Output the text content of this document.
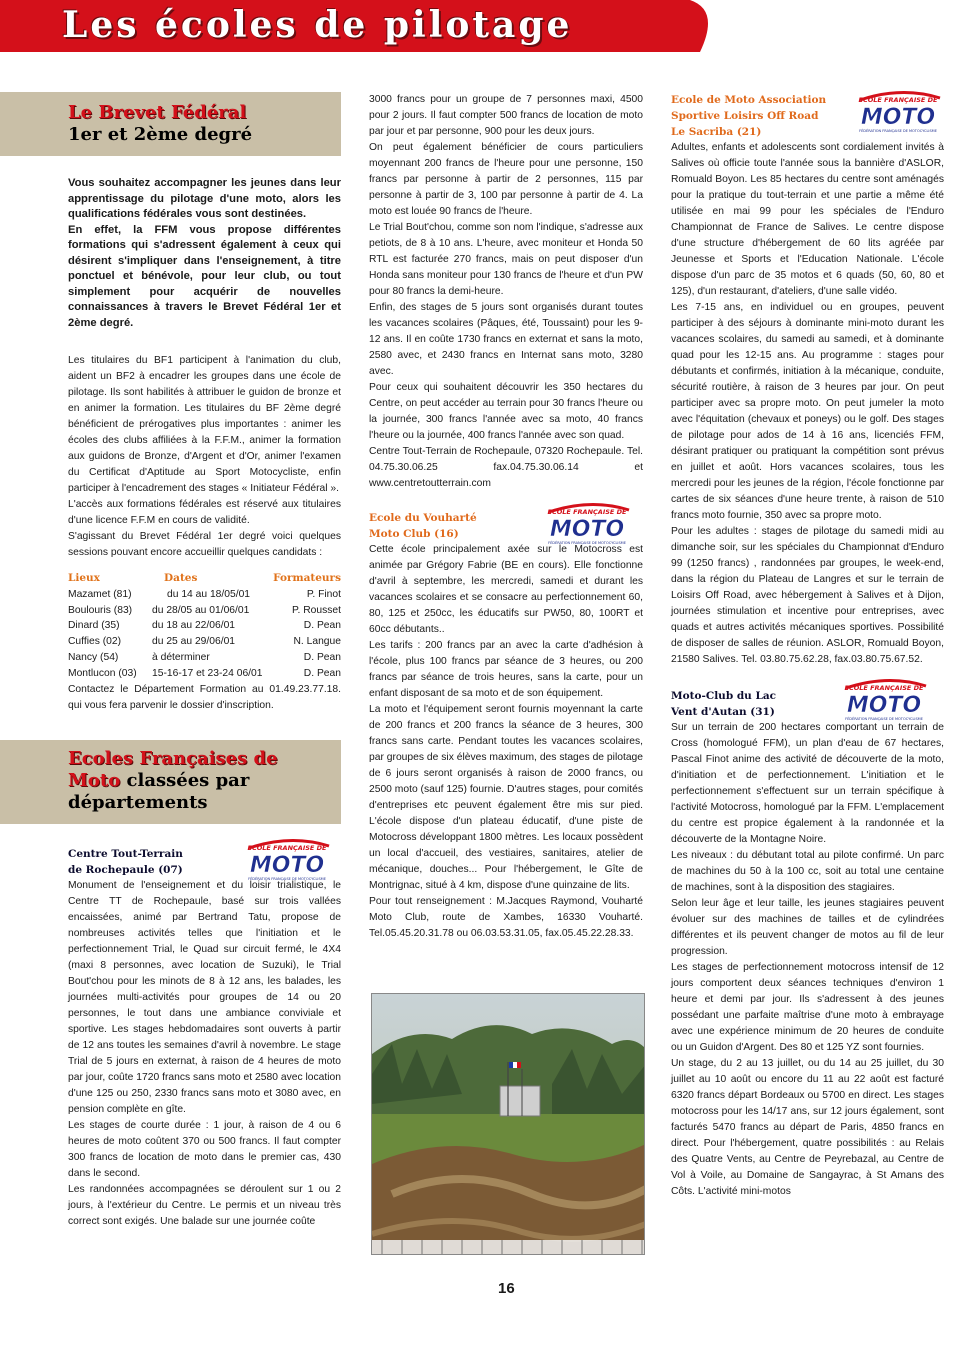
Les écoles de pilotage
Le Brevet Fédéral
1er et 2ème degré

Vous souhaitez accompagner les jeunes dans leur apprentissage du pilotage d'une moto, alors les qualifications fédérales vous sont destinées.

En effet, la FFM vous propose différentes formations qui s'adressent également à ceux qui désirent s'impliquer dans l'enseignement, à titre ponctuel et bénévole, pour leur club, ou tout simplement pour acquérir de nouvelles connaissances à travers le Brevet Fédéral 1er et 2ème degré.

Les titulaires du BF1 participent à l'animation du club, aident un BF2 à encadrer les groupes dans une école de pilotage. Ils sont habilités à attribuer le guidon de bronze et en animer la formation. Les titulaires du BF 2ème degré bénéficient de prérogatives plus importantes : animer les écoles des clubs affiliées à la F.F.M., animer la formation aux guidons de Bronze, d'Argent et d'Or, animer l'examen du Certificat d'Aptitude au Sport Motocycliste, enfin participer à l'encadrement des stages « Initiateur Fédéral ».

L'accès aux formations fédérales est réservé aux titulaires d'une licence F.F.M en cours de validité.

S'agissant du Brevet Fédéral 1er degré voici quelques sessions pouvant encore accueillir quelques candidats :

Lieux	Dates	Formateurs
Mazamet (81)	du 14 au 18/05/01	P. Finot
Boulouris (83)	du 28/05 au 01/06/01	P. Rousset
Dinard (35)	du 18 au 22/06/01	D. Pean
Cuffies (02)	du 25 au 29/06/01	N. Langue
Nancy (54)	à déterminer	D. Pean
Montlucon (03)	15-16-17 et 23-24 06/01	D. Pean

Contactez le Département Formation au 01.49.23.77.18. qui vous fera parvenir le dossier d'inscription.

Ecoles Françaises de
Moto classées par
départements
ECOLE FRANÇAISE DE
MOTO
FÉDÉRATION FRANÇAISE DE MOTOCYCLISME
Centre Tout-Terrain
de Rochepaule (07)

Monument de l'enseignement et du loisir trialistique, le Centre TT de Rochepaule, basé sur trois vallées encaissées, animé par Bertrand Tatu, propose de nombreuses activités telles que l'initiation et le perfectionnement Trial, le Quad sur circuit fermé, le 4X4 (maxi 8 personnes, avec location de Suzuki), le Trial Bout'chou pour les minots de 8 à 12 ans, les balades, les journées multi-activités pour groupes de 14 ou 20 personnes, le tout dans une ambiance conviviale et sportive. Les stages hebdomadaires sont ouverts à partir de 12 ans toutes les semaines d'avril à novembre. Le stage Trial de 5 jours en externat, à raison de 4 heures de moto par jour, coûte 1720 francs sans moto et 2580 avec location d'une 125 ou 250, 2330 francs sans moto et 3080 avec, en pension complète en gîte.

Les stages de courte durée : 1 jour, à raison de 4 ou 6 heures de moto coûtent 370 ou 500 francs. Il faut compter 300 francs de location de moto dans le premier cas, 430 dans le second.

Les randonnées accompagnées se déroulent sur 1 ou 2 jours, à l'extérieur du Centre. Le permis et un niveau très correct sont exigés. Une balade sur une journée coûte

3000 francs pour un groupe de 7 personnes maxi, 4500 pour 2 jours. Il faut compter 500 francs de location de moto par jour et par personne, 900 pour les deux jours.

On peut également bénéficier de cours particuliers moyennant 200 francs de l'heure pour une personne, 150 francs par personne à partir de 2 personnes, 115 par personne à partir de 3, 100 par personne à partir de 4. La moto est louée 90 francs de l'heure.

Le Trial Bout'chou, comme son nom l'indique, s'adresse aux petiots, de 8 à 10 ans. L'heure, avec moniteur et Honda 50 RTL est facturée 270 francs, mais on peut disposer d'un Honda sans moniteur pour 130 francs de l'heure et d'un PW pour 80 francs la demi-heure.

Enfin, des stages de 5 jours sont organisés durant toutes les vacances scolaires (Pâques, été, Toussaint) pour les 9-12 ans. Il en coûte 1730 francs en externat et sans la moto, 2580 avec, et 2430 francs en Internat sans moto, 3280 avec.

Pour ceux qui souhaitent découvrir les 350 hectares du Centre, on peut accéder au terrain pour 30 francs l'heure ou la journée, 300 francs l'année avec sa moto, 40 francs l'heure ou la journée, 400 francs l'année avec son quad.

Centre Tout-Terrain de Rochepaule, 07320 Rochepaule. Tel. 04.75.30.06.25 fax.04.75.30.06.14 et www.centretoutterrain.com

ECOLE FRANÇAISE DE
MOTO
FÉDÉRATION FRANÇAISE DE MOTOCYCLISME
Ecole du Vouharté
Moto Club (16)

Cette école principalement axée sur le Motocross est animée par Grégory Fabrie (BE en cours). Elle fonctionne d'avril à septembre, les mercredi, samedi et durant les vacances scolaires et se consacre au perfectionnement 60, 80, 125 et 250cc, les éducatifs sur PW50, 80, 100RT et 60cc débutants..

Les tarifs : 200 francs par an avec la carte d'adhésion à l'école, plus 100 francs par séance de 3 heures, ou 200 francs par séance de trois heures, sans la carte, pour un enfant disposant de sa moto et de son équipement.

La moto et l'équipement seront fournis moyennant la carte de 200 francs et 200 francs la séance de 3 heures, 300 francs sans carte. Pendant toutes les vacances scolaires, par groupes de six élèves maximum, des stages de pilotage de 6 jours seront organisés à raison de 2000 francs, ou 2500 moto (sauf 125) fournie. D'autres stages, pour comités d'entreprises etc peuvent également être mis sur pied. L'école dispose d'un plateau éducatif, d'une piste de Motocross développant 1800 mètres. Les locaux possèdent un local d'accueil, des vestiaires, sanitaires, atelier de mécanique, douches... Pour l'hébergement, le Gîte de Montrignac, situé à 4 km, dispose d'une quinzaine de lits.

Pour tout renseignement : M.Jacques Raymond, Vouharté Moto Club, route de Xambes, 16330 Vouharté. Tel.05.45.20.31.78 ou 06.03.53.31.05, fax.05.45.22.28.33.

ECOLE FRANÇAISE DE
MOTO
FÉDÉRATION FRANÇAISE DE MOTOCYCLISME
Ecole de Moto Association
Sportive Loisirs Off Road
Le Sacriba (21)

Adultes, enfants et adolescents sont cordialement invités à Salives où officie toute l'année sous la bannière d'ASLOR, Romuald Boyon. Les 85 hectares du centre sont aménagés pour la pratique du tout-terrain et une partie a même été utilisée en mai 99 pour les spéciales de l'Enduro Championnat de France de Salives. Le centre dispose d'une structure d'hébergement de 60 lits agréée par Jeunesse et Sports et l'Education Nationale. L'école dispose d'un parc de 35 motos et 6 quads (50, 60, 80 et 125), d'un restaurant, d'ateliers, d'une salle vidéo.

Les 7-15 ans, en individuel ou en groupes, peuvent participer à des séjours à dominante mini-moto durant les vacances scolaires, du samedi au samedi, et à dominante quad pour les 12-15 ans. Au programme : stages pour débutants et confirmés, initiation à la mécanique, conduite, sécurité routière, à raison de 3 heures par jour. On peut participer avec sa propre moto. On peut jumeler la moto avec l'équitation (chevaux et poneys) ou le golf. Des stages de pilotage pour ados de 14 à 16 ans, licenciés FFM, désirant pratiquer ou pratiquant la compétition sont prévus en juillet et août. Hors vacances scolaires, tous les mercredi pour les jeunes de la région, l'école fonctionne par cartes de six séances d'une heure trente, à raison de 510 francs moto fournie, 350 avec sa propre moto.

Pour les adultes : stages de pilotage du samedi midi au dimanche soir, sur les spéciales du Championnat d'Enduro 99 (1250 francs) , randonnées par groupes, le week-end, dans la région du Plateau de Langres et sur le terrain de Loisirs Off Road, avec hébergement à Salives et à Dijon, journées stimulation et incentive pour entreprises, avec quads et autres activités mécaniques sportives. Possibilité de disposer de salles de réunion. ASLOR, Romuald Boyon, 21580 Salives. Tel. 03.80.75.62.28, fax.03.80.75.67.52.

ECOLE FRANÇAISE DE
MOTO
FÉDÉRATION FRANÇAISE DE MOTOCYCLISME
Moto-Club du Lac
Vent d'Autan (31)

Sur un terrain de 200 hectares comportant un terrain de Cross (homologué FFM), un plan d'eau de 67 hectares, Pascal Finot anime des activité de découverte de la moto, d'initiation et de perfectionnement. L'initiation et le perfectionnement s'effectuent sur un terrain spécifique à l'activité Motocross, homologué par la FFM. L'emplacement du centre est propice également à la randonnée et la découverte de la Montagne Noire.

Les niveaux : du débutant total au pilote confirmé. Un parc de machines du 50 à la 100 cc, soit au total une centaine de machines, sont à la disposition des stagiaires.

Selon leur âge et leur taille, les jeunes stagiaires peuvent évoluer sur des machines de tailles et de cylindrées différentes et ils peuvent changer de motos au fil de leur progression.

Les stages de perfectionnement motocross intensif de 12 jours comportent deux séances techniques d'environ 1 heure et demi par jour. Ils s'adressent à des jeunes possédant une parfaite maîtrise d'une moto à embrayage avec une expérience minimum de 20 heures de conduite ou un Guidon d'Argent. Des 80 et 125 YZ sont fournies.

Un stage, du 2 au 13 juillet, ou du 14 au 25 juillet, du 30 juillet au 10 août ou encore du 11 au 22 août est facturé 6320 francs départ Bordeaux ou 5700 en direct. Les stages motocross pour les 14/17 ans, sur 12 jours également, sont facturés 5470 francs au départ de Paris, 4850 francs en direct. Pour l'hébergement, quatre possibilités : au Relais des Quatre Vents, au Centre de Peyrebazal, au Centre de Vol à Voile, au Domaine de Sangayrac, à St Amans des Côts. L'activité mini-motos

16
